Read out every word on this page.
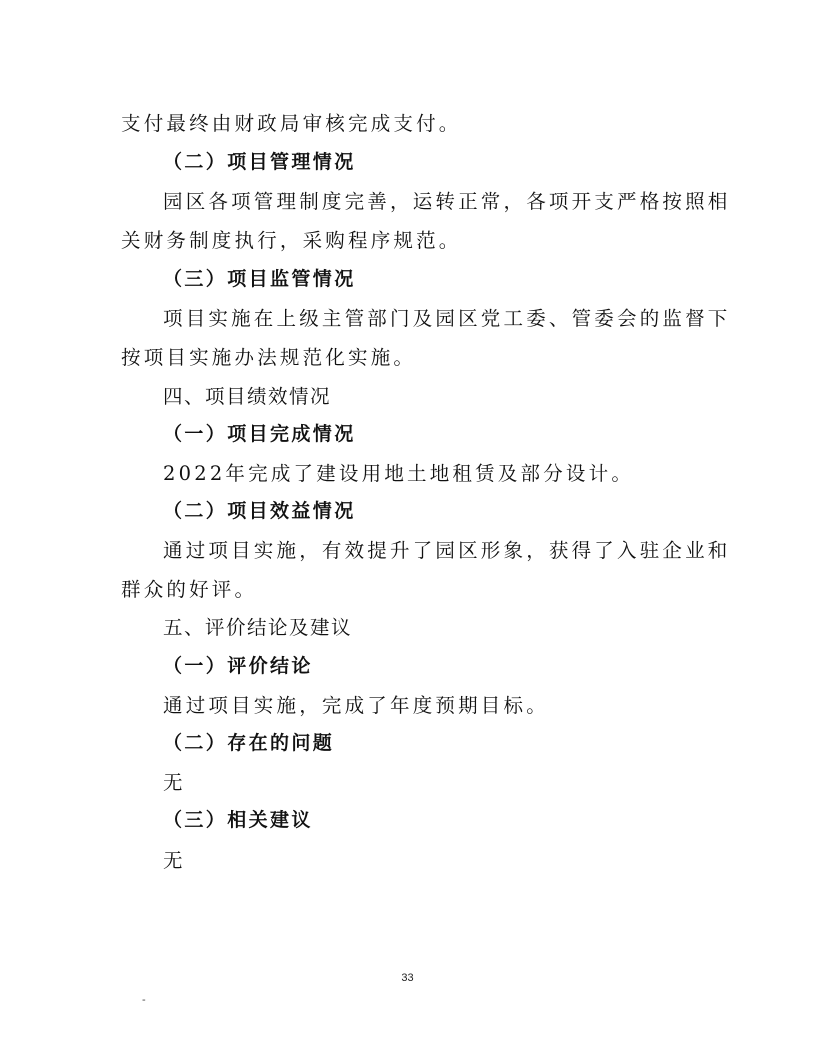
支付最终由财政局审核完成支付。

（二）项目管理情况

园区各项管理制度完善，运转正常，各项开支严格按照相

关财务制度执行，采购程序规范。

（三）项目监管情况

项目实施在上级主管部门及园区党工委、管委会的监督下

按项目实施办法规范化实施。

四、项目绩效情况

（一）项目完成情况

2022年完成了建设用地土地租赁及部分设计。

（二）项目效益情况

通过项目实施，有效提升了园区形象，获得了入驻企业和

群众的好评。

五、评价结论及建议

（一）评价结论

通过项目实施，完成了年度预期目标。

（二）存在的问题

无

（三）相关建议

无

33
-
